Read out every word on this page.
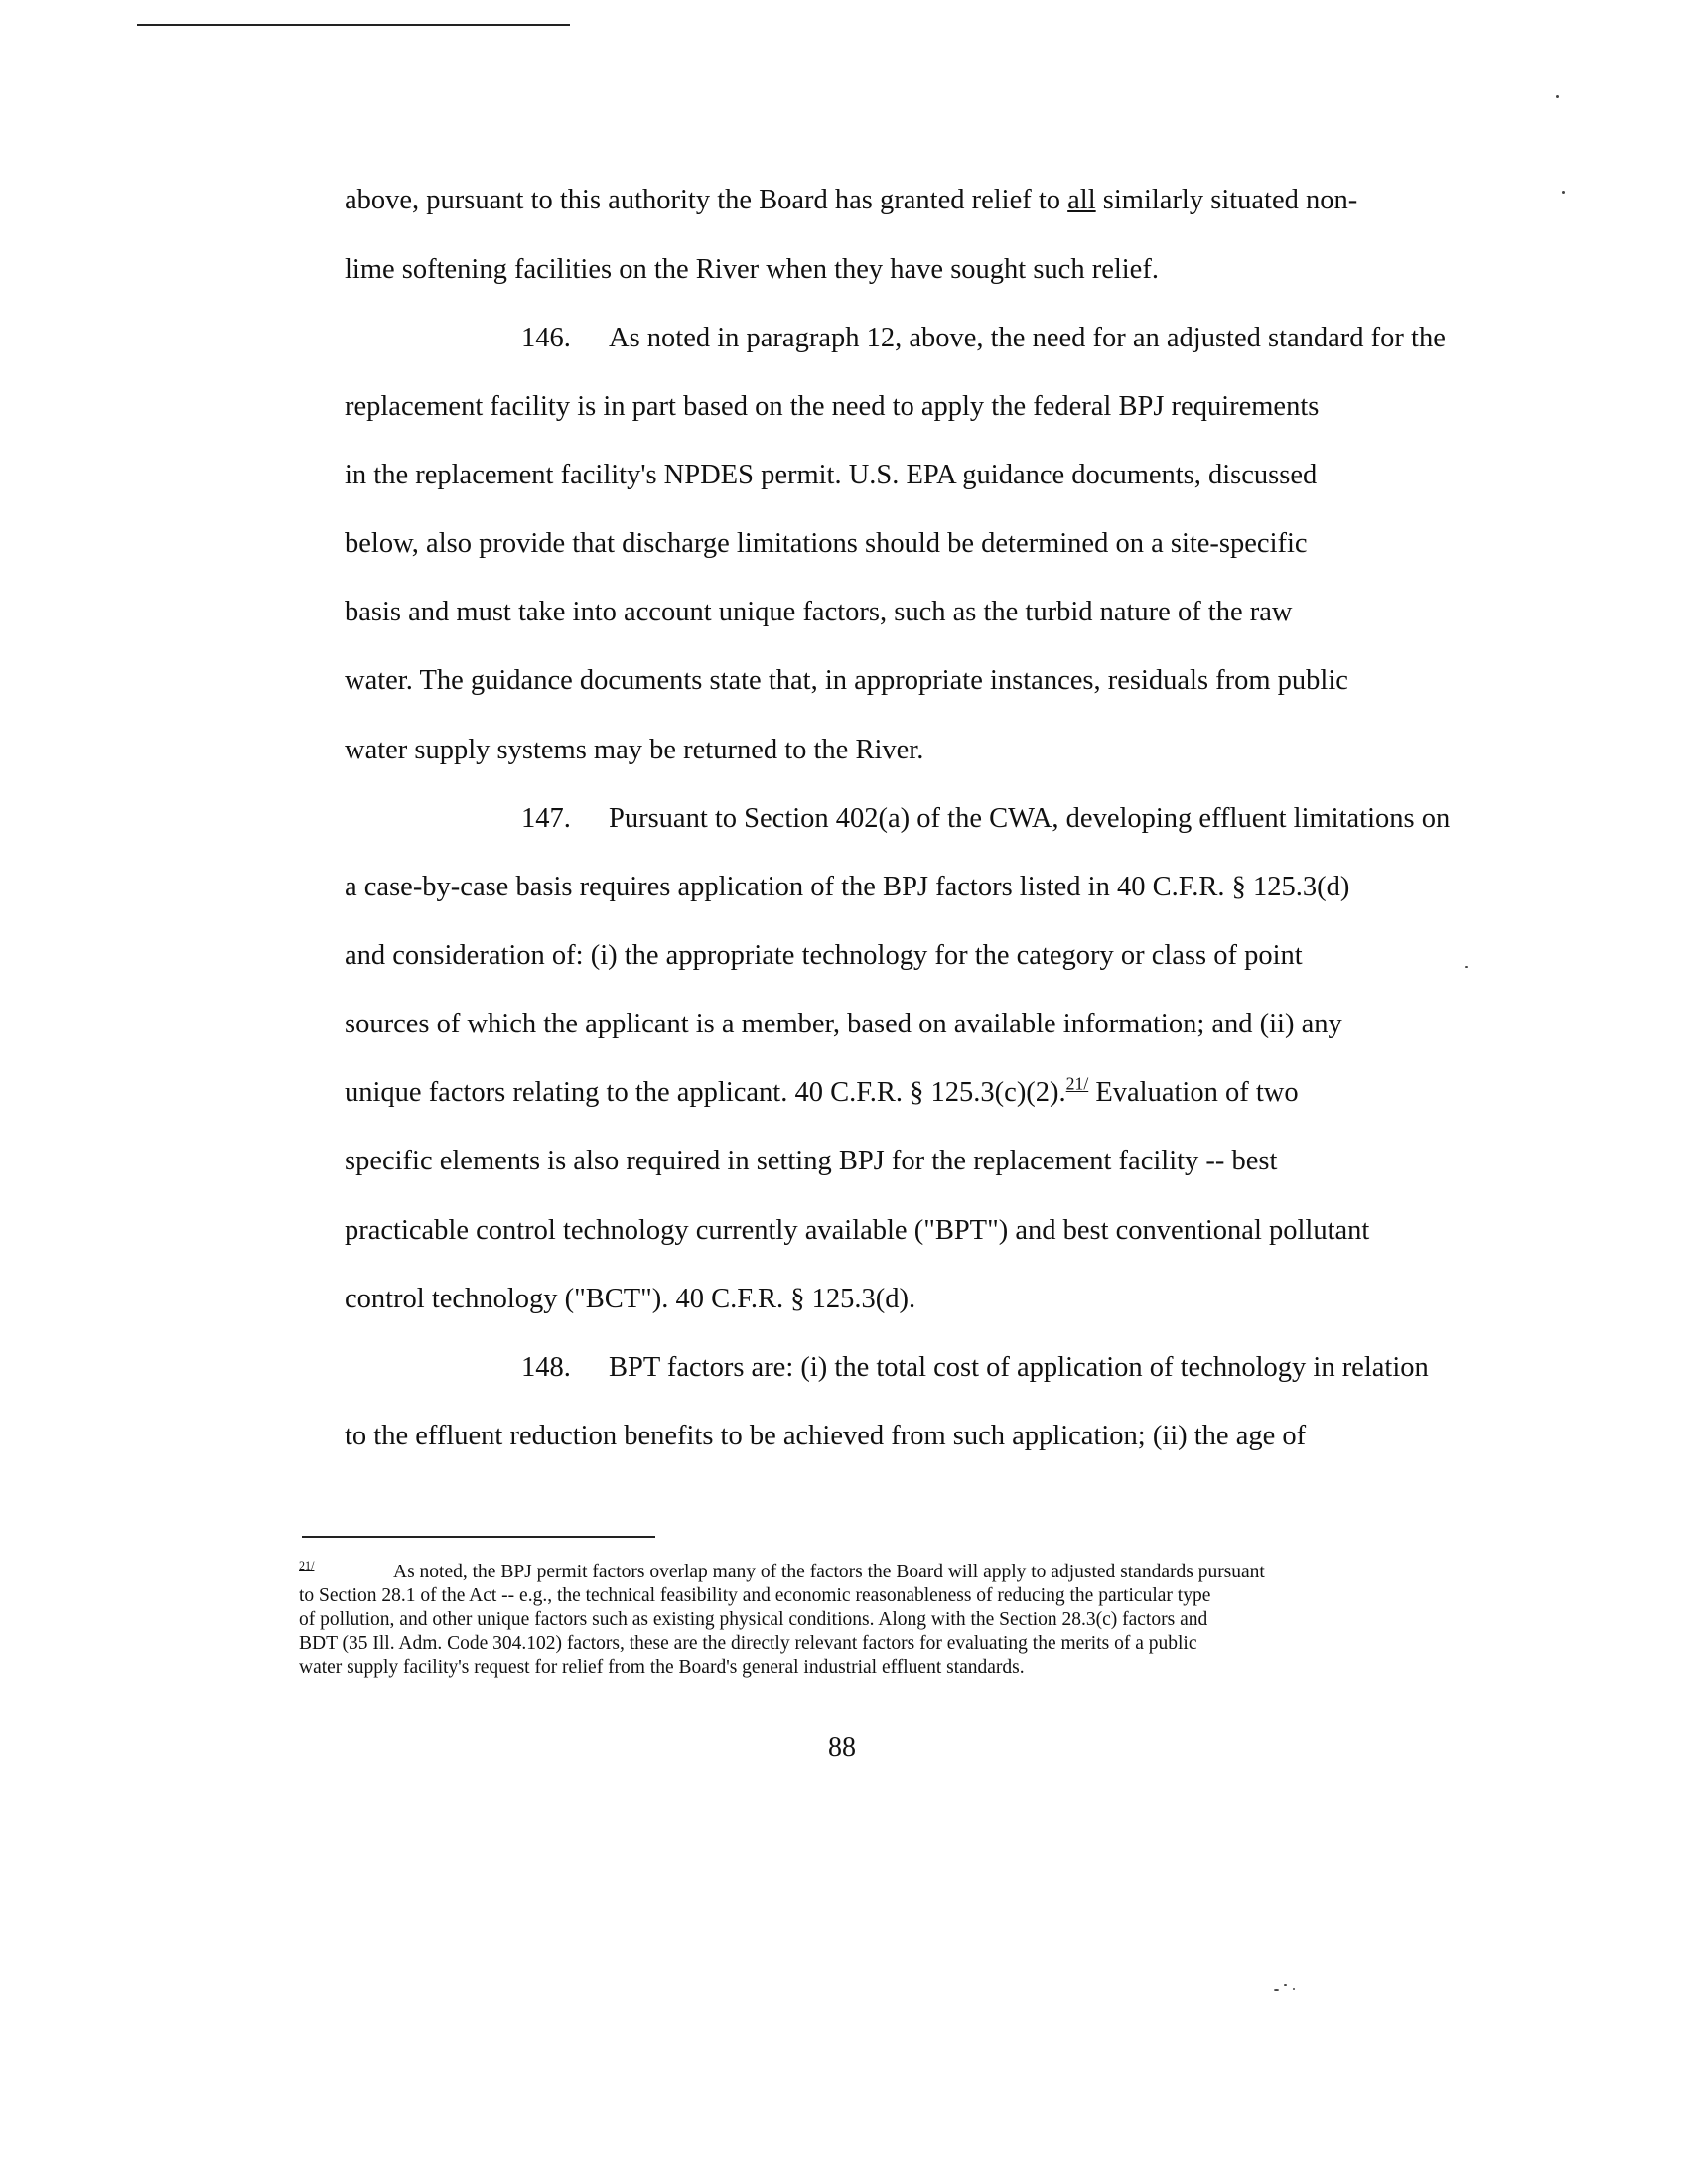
above, pursuant to this authority the Board has granted relief to all similarly situated non-
lime softening facilities on the River when they have sought such relief.
146. As noted in paragraph 12, above, the need for an adjusted standard for the
replacement facility is in part based on the need to apply the federal BPJ requirements
in the replacement facility's NPDES permit. U.S. EPA guidance documents, discussed
below, also provide that discharge limitations should be determined on a site-specific
basis and must take into account unique factors, such as the turbid nature of the raw
water. The guidance documents state that, in appropriate instances, residuals from public
water supply systems may be returned to the River.
147. Pursuant to Section 402(a) of the CWA, developing effluent limitations on
a case-by-case basis requires application of the BPJ factors listed in 40 C.F.R. § 125.3(d)
and consideration of: (i) the appropriate technology for the category or class of point
sources of which the applicant is a member, based on available information; and (ii) any
unique factors relating to the applicant. 40 C.F.R. § 125.3(c)(2).$^{21/}$ Evaluation of two
specific elements is also required in setting BPJ for the replacement facility -- best
practicable control technology currently available ("BPT") and best conventional pollutant
control technology ("BCT"). 40 C.F.R. § 125.3(d).
148. BPT factors are: (i) the total cost of application of technology in relation
to the effluent reduction benefits to be achieved from such application; (ii) the age of
$^{21/}$	As noted, the BPJ permit factors overlap many of the factors the Board will apply to adjusted standards pursuant
to Section 28.1 of the Act -- e.g., the technical feasibility and economic reasonableness of reducing the particular type
of pollution, and other unique factors such as existing physical conditions. Along with the Section 28.3(c) factors and
BDT (35 Ill. Adm. Code 304.102) factors, these are the directly relevant factors for evaluating the merits of a public
water supply facility's request for relief from the Board's general industrial effluent standards.
88
